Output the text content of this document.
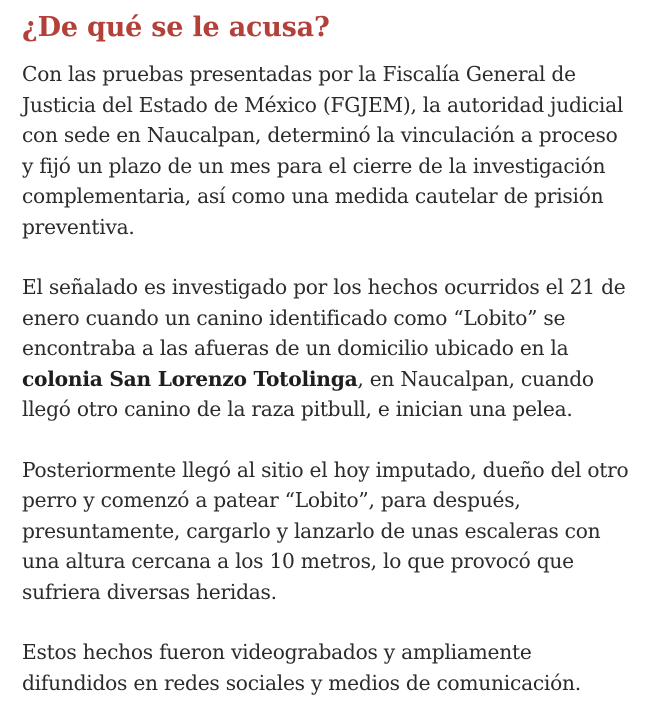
¿De qué se le acusa?

Con las pruebas presentadas por la Fiscalía General de Justicia del Estado de México (FGJEM), la autoridad judicial con sede en Naucalpan, determinó la vinculación a proceso y fijó un plazo de un mes para el cierre de la investigación complementaria, así como una medida cautelar de prisión preventiva.

El señalado es investigado por los hechos ocurridos el 21 de enero cuando un canino identificado como “Lobito” se encontraba a las afueras de un domicilio ubicado en la colonia San Lorenzo Totolinga, en Naucalpan, cuando llegó otro canino de la raza pitbull, e inician una pelea.

Posteriormente llegó al sitio el hoy imputado, dueño del otro perro y comenzó a patear “Lobito”, para después, presuntamente, cargarlo y lanzarlo de unas escaleras con una altura cercana a los 10 metros, lo que provocó que sufriera diversas heridas.

Estos hechos fueron videograbados y ampliamente difundidos en redes sociales y medios de comunicación.
